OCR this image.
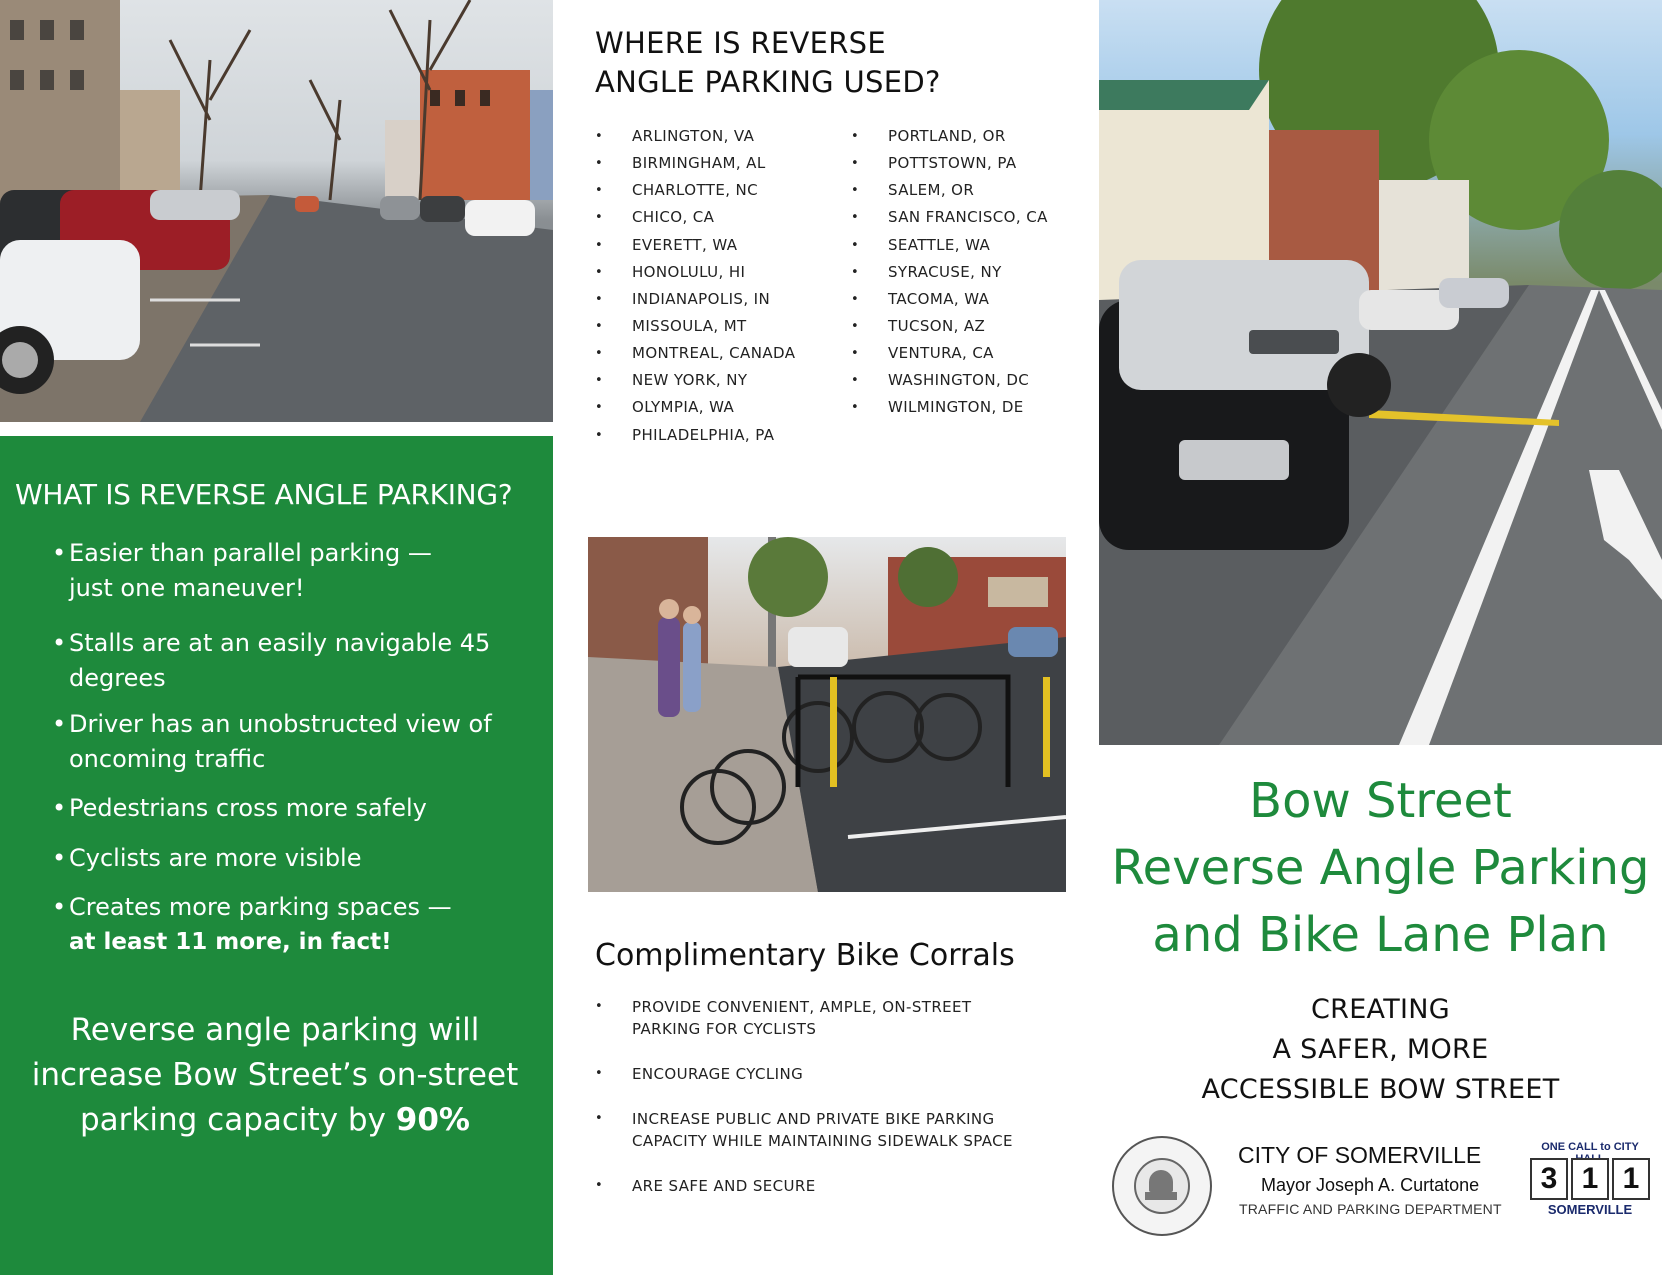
WHAT IS REVERSE ANGLE PARKING?
• Easier than parallel parking — just one maneuver!
• Stalls are at an easily navigable 45 degrees
• Driver has an unobstructed view of oncoming traffic
• Pedestrians cross more safely
• Cyclists are more visible
• Creates more parking spaces —
at least 11 more, in fact!
Reverse angle parking will increase Bow Street’s on-street parking capacity by 90%
WHERE IS REVERSE
ANGLE PARKING USED?
• ARLINGTON, VA
• BIRMINGHAM, AL
• CHARLOTTE, NC
• CHICO, CA
• EVERETT, WA
• HONOLULU, HI
• INDIANAPOLIS, IN
• MISSOULA, MT
• MONTREAL, CANADA
• NEW YORK, NY
• OLYMPIA, WA
• PHILADELPHIA, PA
• PORTLAND, OR
• POTTSTOWN, PA
• SALEM, OR
• SAN FRANCISCO, CA
• SEATTLE, WA
• SYRACUSE, NY
• TACOMA, WA
• TUCSON, AZ
• VENTURA, CA
• WASHINGTON, DC
• WILMINGTON, DE
Complimentary Bike Corrals
• PROVIDE CONVENIENT, AMPLE, ON-STREET PARKING FOR CYCLISTS
• ENCOURAGE CYCLING
• INCREASE PUBLIC AND PRIVATE BIKE PARKING CAPACITY WHILE MAINTAINING SIDEWALK SPACE
• ARE SAFE AND SECURE
Bow Street
Reverse Angle Parking
and Bike Lane Plan
CREATING
A SAFER, MORE
ACCESSIBLE BOW STREET
CITY OF SOMERVILLE
Mayor Joseph A. Curtatone
TRAFFIC AND PARKING DEPARTMENT
ONE CALL to CITY
3 1 1
SOMERVILLE
